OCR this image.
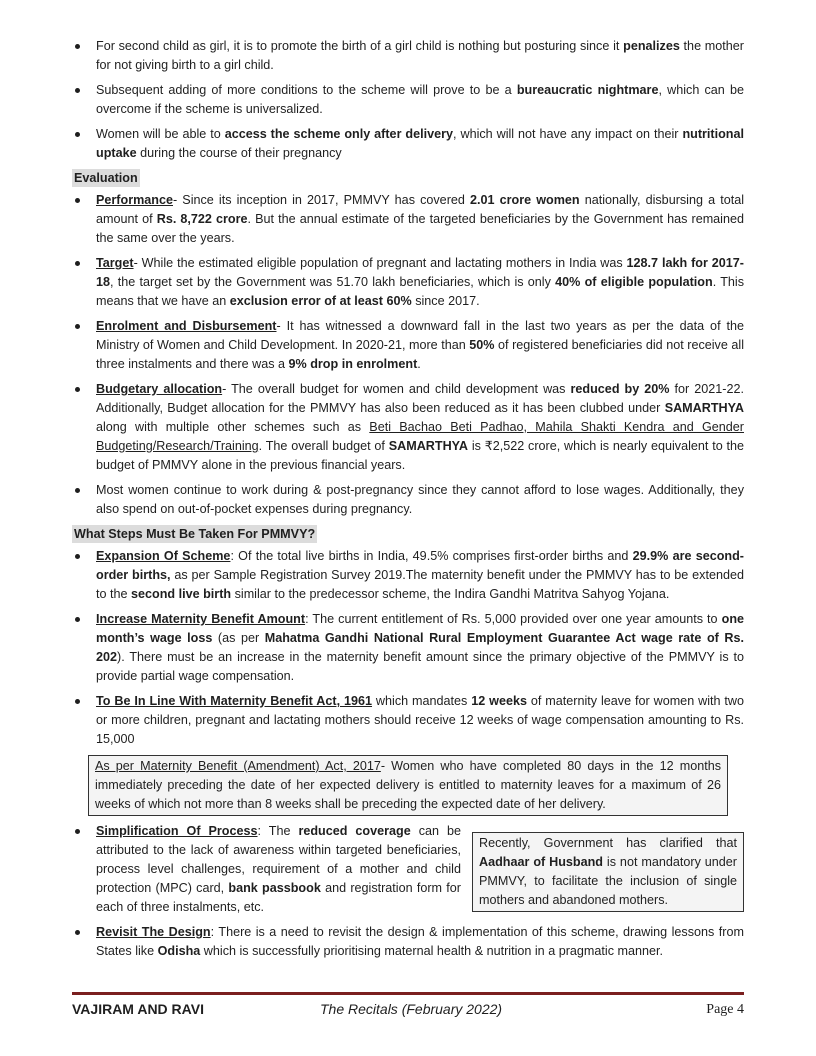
For second child as girl, it is to promote the birth of a girl child is nothing but posturing since it penalizes the mother for not giving birth to a girl child.
Subsequent adding of more conditions to the scheme will prove to be a bureaucratic nightmare, which can be overcome if the scheme is universalized.
Women will be able to access the scheme only after delivery, which will not have any impact on their nutritional uptake during the course of their pregnancy
Evaluation
Performance- Since its inception in 2017, PMMVY has covered 2.01 crore women nationally, disbursing a total amount of Rs. 8,722 crore. But the annual estimate of the targeted beneficiaries by the Government has remained the same over the years.
Target- While the estimated eligible population of pregnant and lactating mothers in India was 128.7 lakh for 2017-18, the target set by the Government was 51.70 lakh beneficiaries, which is only 40% of eligible population. This means that we have an exclusion error of at least 60% since 2017.
Enrolment and Disbursement- It has witnessed a downward fall in the last two years as per the data of the Ministry of Women and Child Development. In 2020-21, more than 50% of registered beneficiaries did not receive all three instalments and there was a 9% drop in enrolment.
Budgetary allocation- The overall budget for women and child development was reduced by 20% for 2021-22. Additionally, Budget allocation for the PMMVY has also been reduced as it has been clubbed under SAMARTHYA along with multiple other schemes such as Beti Bachao Beti Padhao, Mahila Shakti Kendra and Gender Budgeting/Research/Training. The overall budget of SAMARTHYA is ₹2,522 crore, which is nearly equivalent to the budget of PMMVY alone in the previous financial years.
Most women continue to work during & post-pregnancy since they cannot afford to lose wages. Additionally, they also spend on out-of-pocket expenses during pregnancy.
What Steps Must Be Taken For PMMVY?
Expansion Of Scheme: Of the total live births in India, 49.5% comprises first-order births and 29.9% are second-order births, as per Sample Registration Survey 2019.The maternity benefit under the PMMVY has to be extended to the second live birth similar to the predecessor scheme, the Indira Gandhi Matritva Sahyog Yojana.
Increase Maternity Benefit Amount: The current entitlement of Rs. 5,000 provided over one year amounts to one month’s wage loss (as per Mahatma Gandhi National Rural Employment Guarantee Act wage rate of Rs. 202). There must be an increase in the maternity benefit amount since the primary objective of the PMMVY is to provide partial wage compensation.
To Be In Line With Maternity Benefit Act, 1961 which mandates 12 weeks of maternity leave for women with two or more children, pregnant and lactating mothers should receive 12 weeks of wage compensation amounting to Rs. 15,000
As per Maternity Benefit (Amendment) Act, 2017- Women who have completed 80 days in the 12 months immediately preceding the date of her expected delivery is entitled to maternity leaves for a maximum of 26 weeks of which not more than 8 weeks shall be preceding the expected date of her delivery.
Simplification Of Process: The reduced coverage can be attributed to the lack of awareness within targeted beneficiaries, process level challenges, requirement of a mother and child protection (MPC) card, bank passbook and registration form for each of three instalments, etc.
Recently, Government has clarified that Aadhaar of Husband is not mandatory under PMMVY, to facilitate the inclusion of single mothers and abandoned mothers.
Revisit The Design: There is a need to revisit the design & implementation of this scheme, drawing lessons from States like Odisha which is successfully prioritising maternal health & nutrition in a pragmatic manner.
VAJIRAM AND RAVI	The Recitals (February 2022)	Page 4
